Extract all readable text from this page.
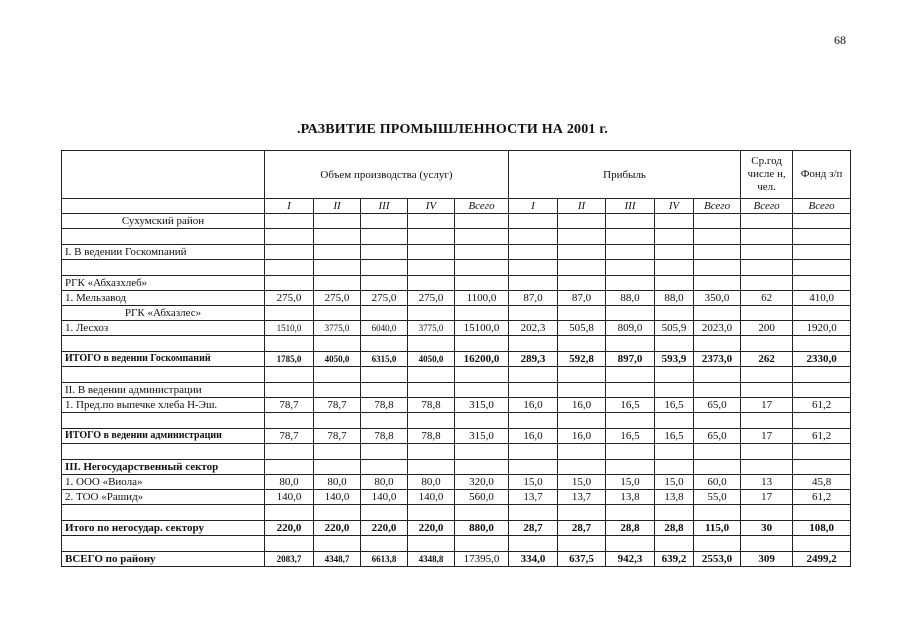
68
.РАЗВИТИЕ ПРОМЫШЛЕННОСТИ НА 2001 г.
	Объем производства (услуг)					Прибыль					Ср.год числе н, чел.	Фонд з/п
	I	II	III	IV	Всего	I	II	III	IV	Всего	Всего	Всего
Сухумский район												

I. В ведении Госкомпаний												

РГК «Абхазхлеб»												
1. Мельзавод	275,0	275,0	275,0	275,0	1100,0	87,0	87,0	88,0	88,0	350,0	62	410,0
РГК «Абхазлес»												
1. Лесхоз	1510,0	3775,0	6040,0	3775,0	15100,0	202,3	505,8	809,0	505,9	2023,0	200	1920,0

ИТОГО в ведении Госкомпаний	1785,0	4050,0	6315,0	4050,0	16200,0	289,3	592,8	897,0	593,9	2373,0	262	2330,0

II. В ведении администрации												
1. Пред.по выпечке хлеба Н-Эш.	78,7	78,7	78,8	78,8	315,0	16,0	16,0	16,5	16,5	65,0	17	61,2

ИТОГО в ведении администрации	78,7	78,7	78,8	78,8	315,0	16,0	16,0	16,5	16,5	65,0	17	61,2

III. Негосударственный сектор												
1. ООО «Виола»	80,0	80,0	80,0	80,0	320,0	15,0	15,0	15,0	15,0	60,0	13	45,8
2. ТОО «Рашид»	140,0	140,0	140,0	140,0	560,0	13,7	13,7	13,8	13,8	55,0	17	61,2

Итого по негосудар. сектору	220,0	220,0	220,0	220,0	880,0	28,7	28,7	28,8	28,8	115,0	30	108,0

ВСЕГО по району	2083,7	4348,7	6613,8	4348,8	17395,0	334,0	637,5	942,3	639,2	2553,0	309	2499,2
